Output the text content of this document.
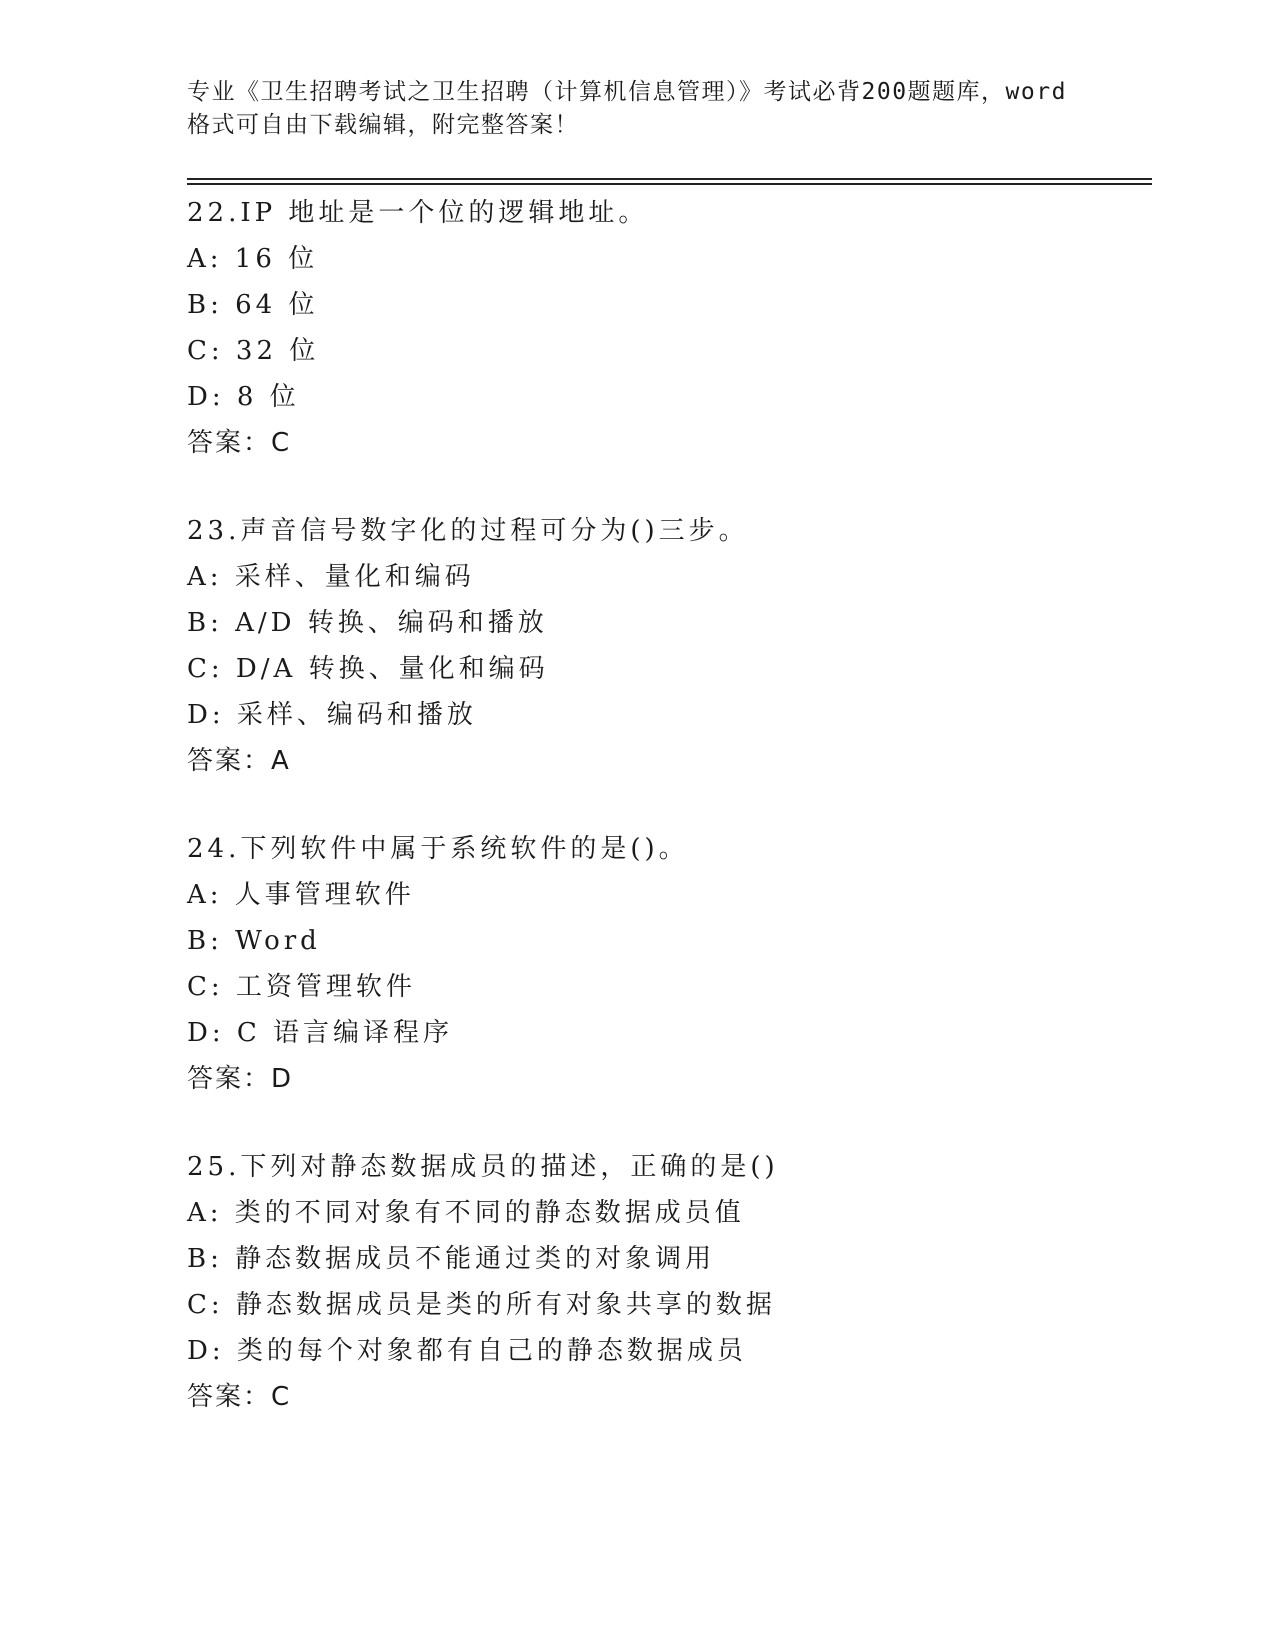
专业《卫生招聘考试之卫生招聘（计算机信息管理）》考试必背200题题库，word
格式可自由下载编辑，附完整答案！
22.IP 地址是一个位的逻辑地址。
A: 16 位
B: 64 位
C: 32 位
D: 8 位
答案：C
23.声音信号数字化的过程可分为()三步。
A: 采样、量化和编码
B: A/D 转换、编码和播放
C: D/A 转换、量化和编码
D: 采样、编码和播放
答案：A
24.下列软件中属于系统软件的是()。
A: 人事管理软件
B: Word
C: 工资管理软件
D: C 语言编译程序
答案：D
25.下列对静态数据成员的描述，正确的是()
A: 类的不同对象有不同的静态数据成员值
B: 静态数据成员不能通过类的对象调用
C: 静态数据成员是类的所有对象共享的数据
D: 类的每个对象都有自己的静态数据成员
答案：C
